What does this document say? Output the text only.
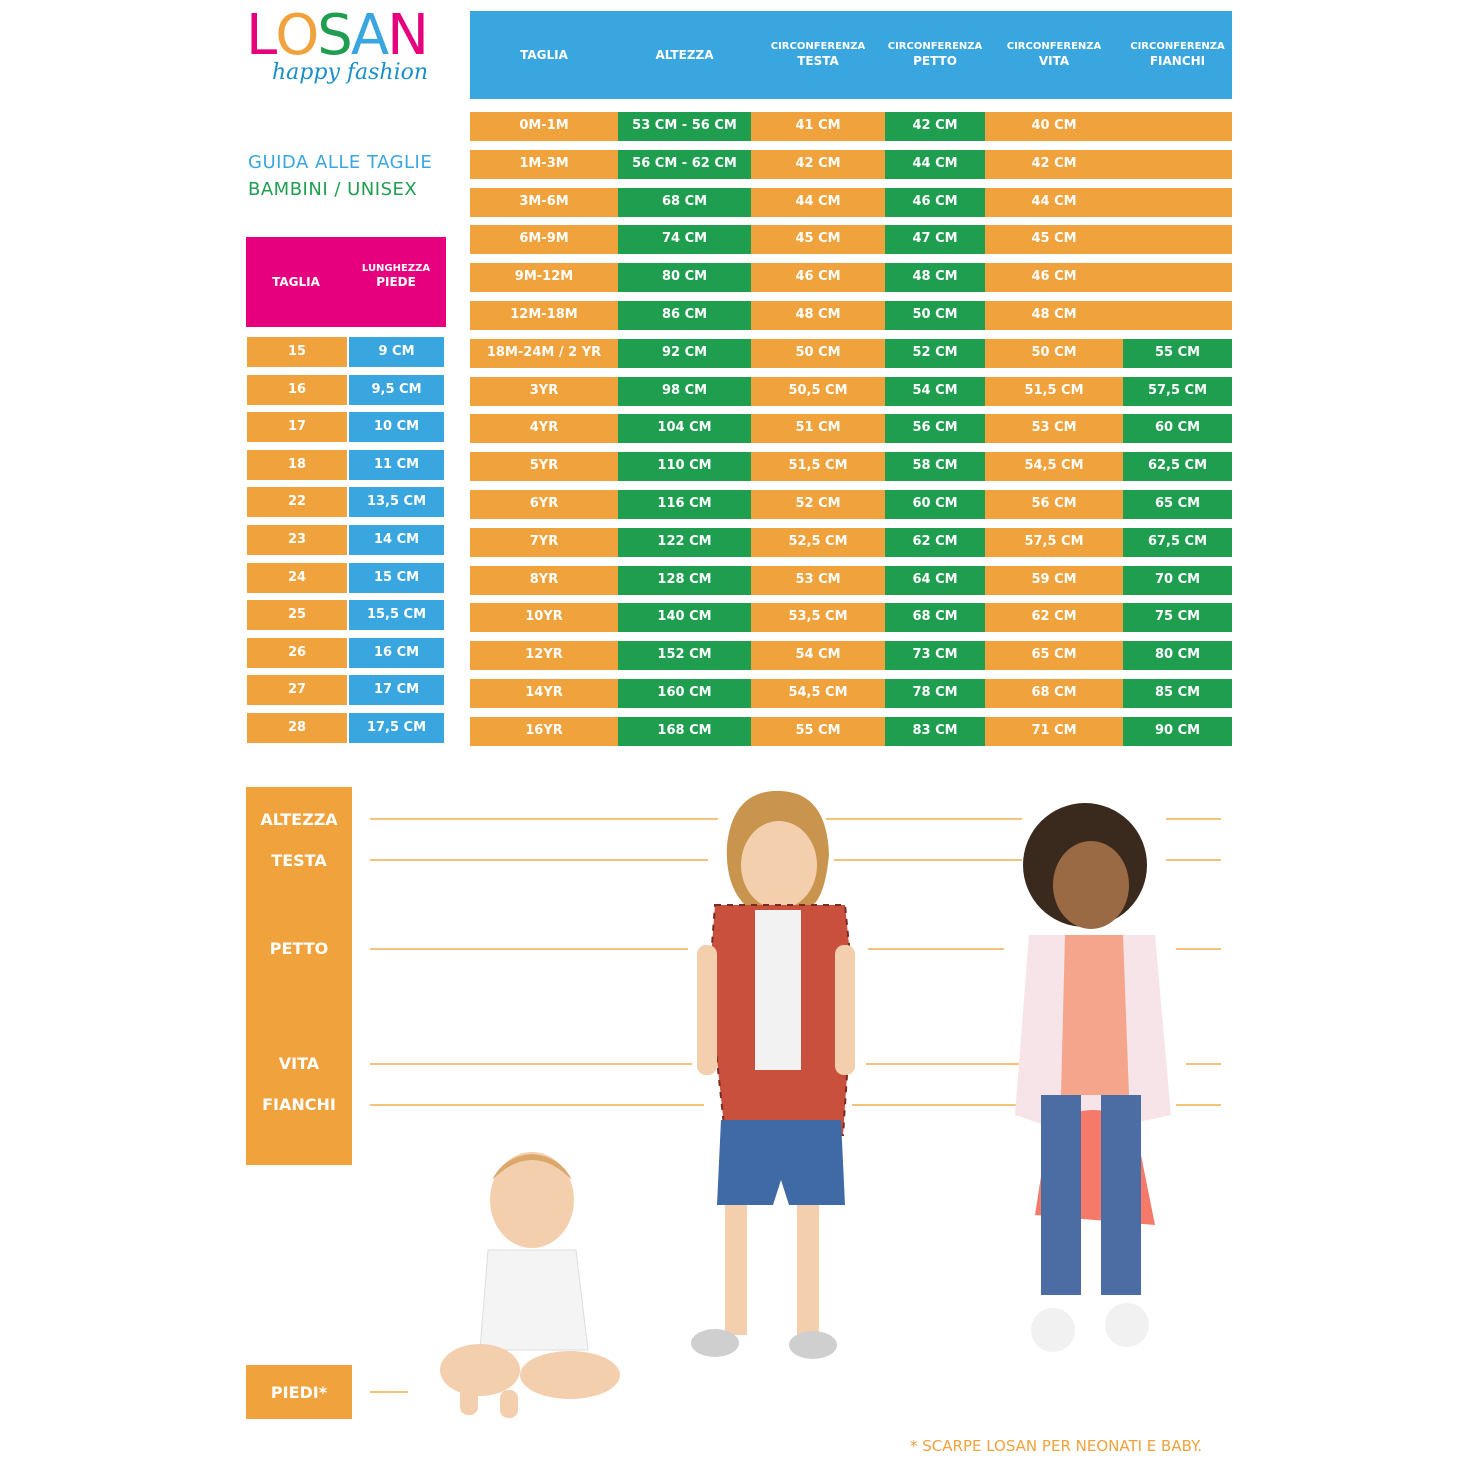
LOSAN
happy fashion
GUIDA ALLE TAGLIE
BAMBINI / UNISEX
TAGLIA
LUNGHEZZA
PIEDE
15	9 CM
16	9,5 CM
17	10 CM
18	11 CM
22	13,5 CM
23	14 CM
24	15 CM
25	15,5 CM
26	16 CM
27	17 CM
28	17,5 CM
TAGLIA	ALTEZZA
CIRCONFERENZA
TESTA
CIRCONFERENZA
PETTO
CIRCONFERENZA
VITA
CIRCONFERENZA
FIANCHI
0M-1M	53 CM - 56 CM	41 CM	42 CM	40 CM
1M-3M	56 CM - 62 CM	42 CM	44 CM	42 CM
3M-6M	68 CM	44 CM	46 CM	44 CM
6M-9M	74 CM	45 CM	47 CM	45 CM
9M-12M	80 CM	46 CM	48 CM	46 CM
12M-18M	86 CM	48 CM	50 CM	48 CM
18M-24M / 2 YR	92 CM	50 CM	52 CM	50 CM	55 CM
3YR	98 CM	50,5 CM	54 CM	51,5 CM	57,5 CM
4YR	104 CM	51 CM	56 CM	53 CM	60 CM
5YR	110 CM	51,5 CM	58 CM	54,5 CM	62,5 CM
6YR	116 CM	52 CM	60 CM	56 CM	65 CM
7YR	122 CM	52,5 CM	62 CM	57,5 CM	67,5 CM
8YR	128 CM	53 CM	64 CM	59 CM	70 CM
10YR	140 CM	53,5 CM	68 CM	62 CM	75 CM
12YR	152 CM	54 CM	73 CM	65 CM	80 CM
14YR	160 CM	54,5 CM	78 CM	68 CM	85 CM
16YR	168 CM	55 CM	83 CM	71 CM	90 CM
ALTEZZA
TESTA
PETTO
VITA
FIANCHI
PIEDI*
* SCARPE LOSAN PER NEONATI E BABY.
